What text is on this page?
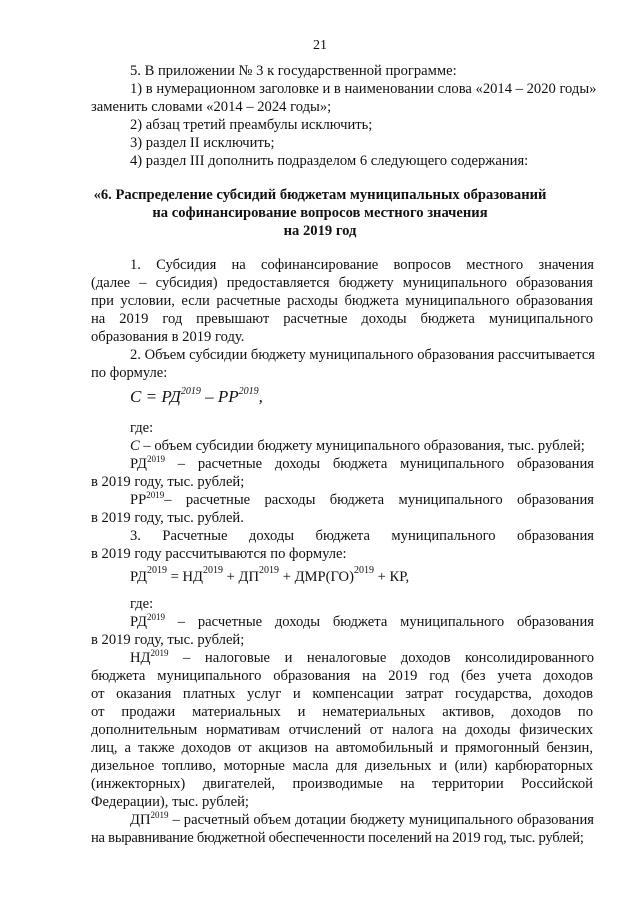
21
5. В приложении № 3 к государственной программе:
1) в нумерационном заголовке и в наименовании слова «2014 – 2020 годы»
заменить словами «2014 – 2024 годы»;
2) абзац третий преамбулы исключить;
3) раздел II исключить;
4) раздел III дополнить подразделом 6 следующего содержания:
«6. Распределение субсидий бюджетам муниципальных образований
на софинансирование вопросов местного значения
на 2019 год
1. Субсидия на софинансирование вопросов местного значения
(далее – субсидия) предоставляется бюджету муниципального образования
при условии, если расчетные расходы бюджета муниципального образования
на 2019 год превышают расчетные доходы бюджета муниципального
образования в 2019 году.
2. Объем субсидии бюджету муниципального образования рассчитывается
по формуле:
$С = РД^{2019} - РР^{2019}$,
где:
С – объем субсидии бюджету муниципального образования, тыс. рублей;
$РД^{2019}$ – расчетные доходы бюджета муниципального образования
в 2019 году, тыс. рублей;
$РР^{2019}-$ расчетные расходы бюджета муниципального образования
в 2019 году, тыс. рублей.
3. Расчетные доходы бюджета муниципального образования
в 2019 году рассчитываются по формуле:
$РД^{2019} = НД^{2019} + ДП^{2019} + ДМР(ГО)^{2019}$ + КР,
где:
$РД^{2019}$ – расчетные доходы бюджета муниципального образования
в 2019 году, тыс. рублей;
$НД^{2019}$ – налоговые и неналоговые доходов консолидированного
бюджета муниципального образования на 2019 год (без учета доходов
от оказания платных услуг и компенсации затрат государства, доходов
от продажи материальных и нематериальных активов, доходов по
дополнительным нормативам отчислений от налога на доходы физических
лиц, а также доходов от акцизов на автомобильный и прямогонный бензин,
дизельное топливо, моторные масла для дизельных и (или) карбюраторных
(инжекторных) двигателей, производимые на территории Российской
Федерации), тыс. рублей;
$ДП^{2019}$ – расчетный объем дотации бюджету муниципального образования
на выравнивание бюджетной обеспеченности поселений на 2019 год, тыс. рублей;
